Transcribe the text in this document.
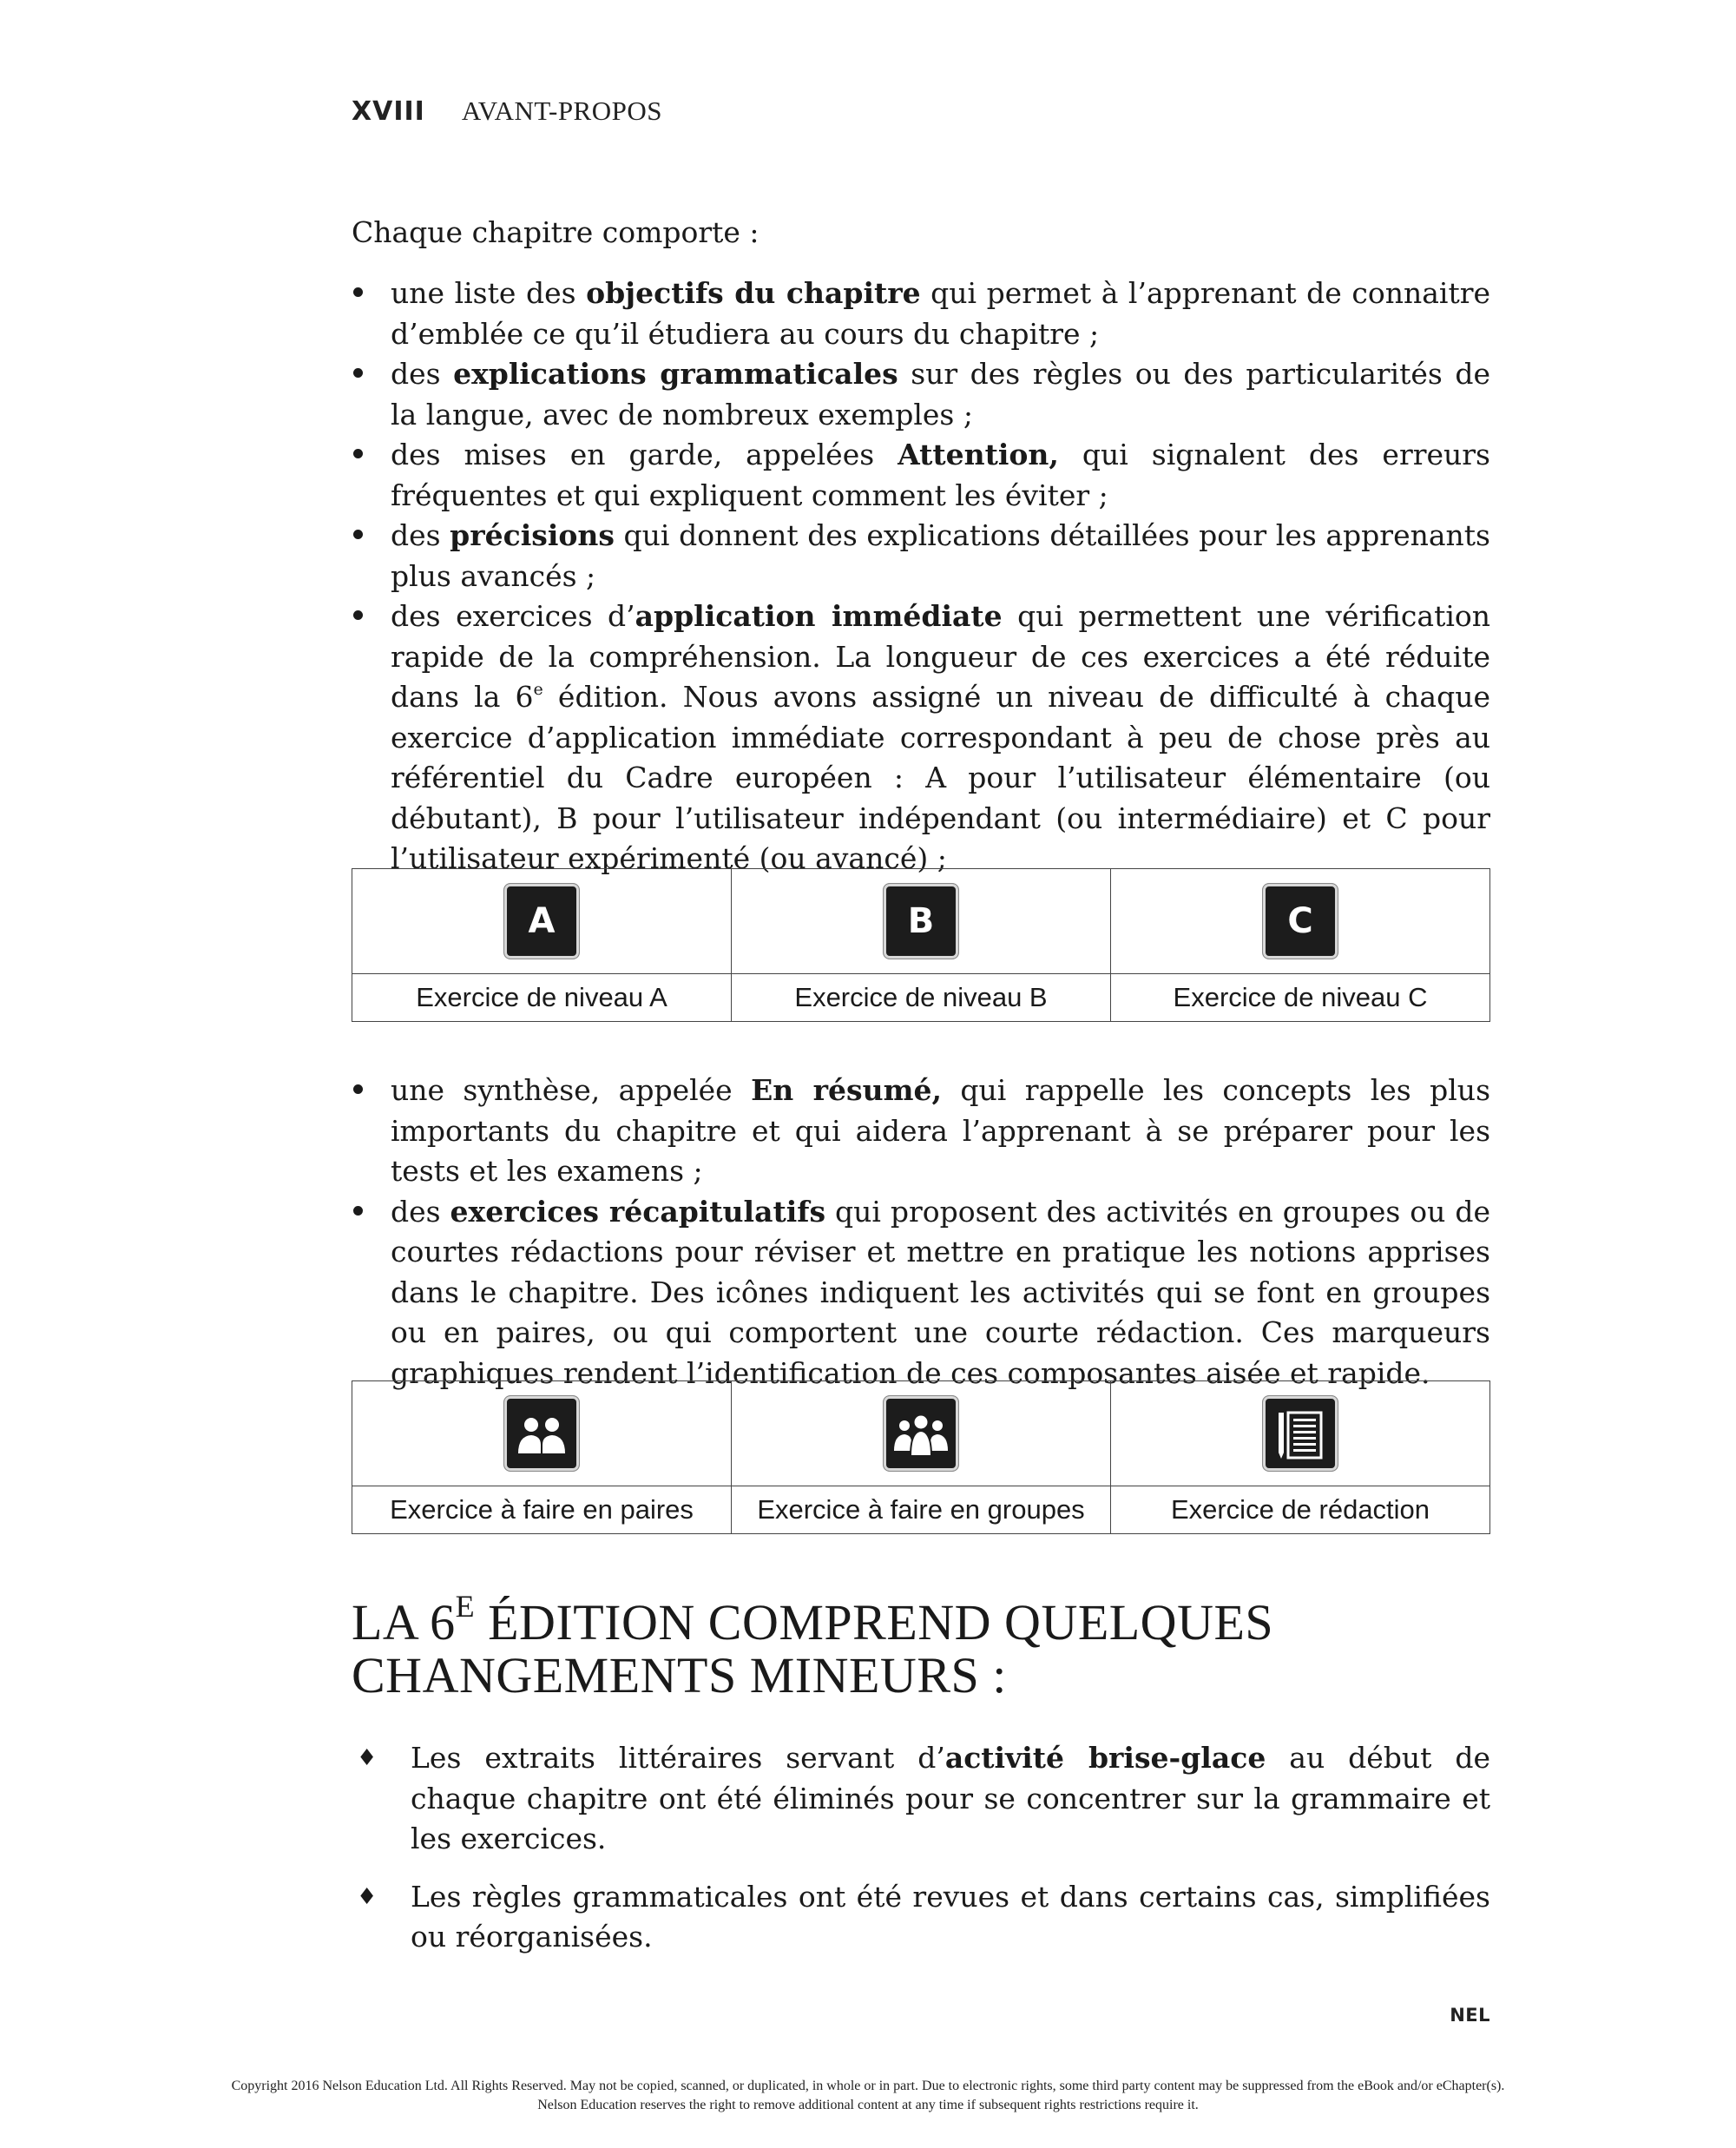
XVIII AVANT-PROPOS

Chaque chapitre comporte :

une liste des objectifs du chapitre qui permet à l’apprenant de connaitre d’emblée ce qu’il étudiera au cours du chapitre ;
des explications grammaticales sur des règles ou des particularités de la langue, avec de nombreux exemples ;
des mises en garde, appelées Attention, qui signalent des erreurs fréquentes et qui expliquent comment les éviter ;
des précisions qui donnent des explications détaillées pour les apprenants plus avancés ;
des exercices d’application immédiate qui permettent une vérification rapide de la compréhension. La longueur de ces exercices a été réduite dans la 6e édition. Nous avons assigné un niveau de difficulté à chaque exercice d’application immédiate correspondant à peu de chose près au référentiel du Cadre européen : A pour l’utilisateur élémentaire (ou débutant), B pour l’utilisateur indépendant (ou intermédiaire) et C pour l’utilisateur expérimenté (ou avancé) ;
A	B	C
Exercice de niveau A	Exercice de niveau B	Exercice de niveau C
une synthèse, appelée En résumé, qui rappelle les concepts les plus importants du chapitre et qui aidera l’apprenant à se préparer pour les tests et les examens ;
des exercices récapitulatifs qui proposent des activités en groupes ou de courtes rédactions pour réviser et mettre en pratique les notions apprises dans le chapitre. Des icônes indiquent les activités qui se font en groupes ou en paires, ou qui comportent une courte rédaction. Ces marqueurs graphiques rendent l’identification de ces composantes aisée et rapide.

Exercice à faire en paires	Exercice à faire en groupes	Exercice de rédaction
LA $6^E$ ÉDITION COMPREND QUELQUES
CHANGEMENTS MINEURS :
♦ Les extraits littéraires servant d’activité brise-glace au début de chaque chapitre ont été éliminés pour se concentrer sur la grammaire et les exercices.
♦ Les règles grammaticales ont été revues et dans certains cas, simplifiées ou réorganisées.
NEL
Copyright 2016 Nelson Education Ltd. All Rights Reserved. May not be copied, scanned, or duplicated, in whole or in part. Due to electronic rights, some third party content may be suppressed from the eBook and/or eChapter(s).
Nelson Education reserves the right to remove additional content at any time if subsequent rights restrictions require it.
